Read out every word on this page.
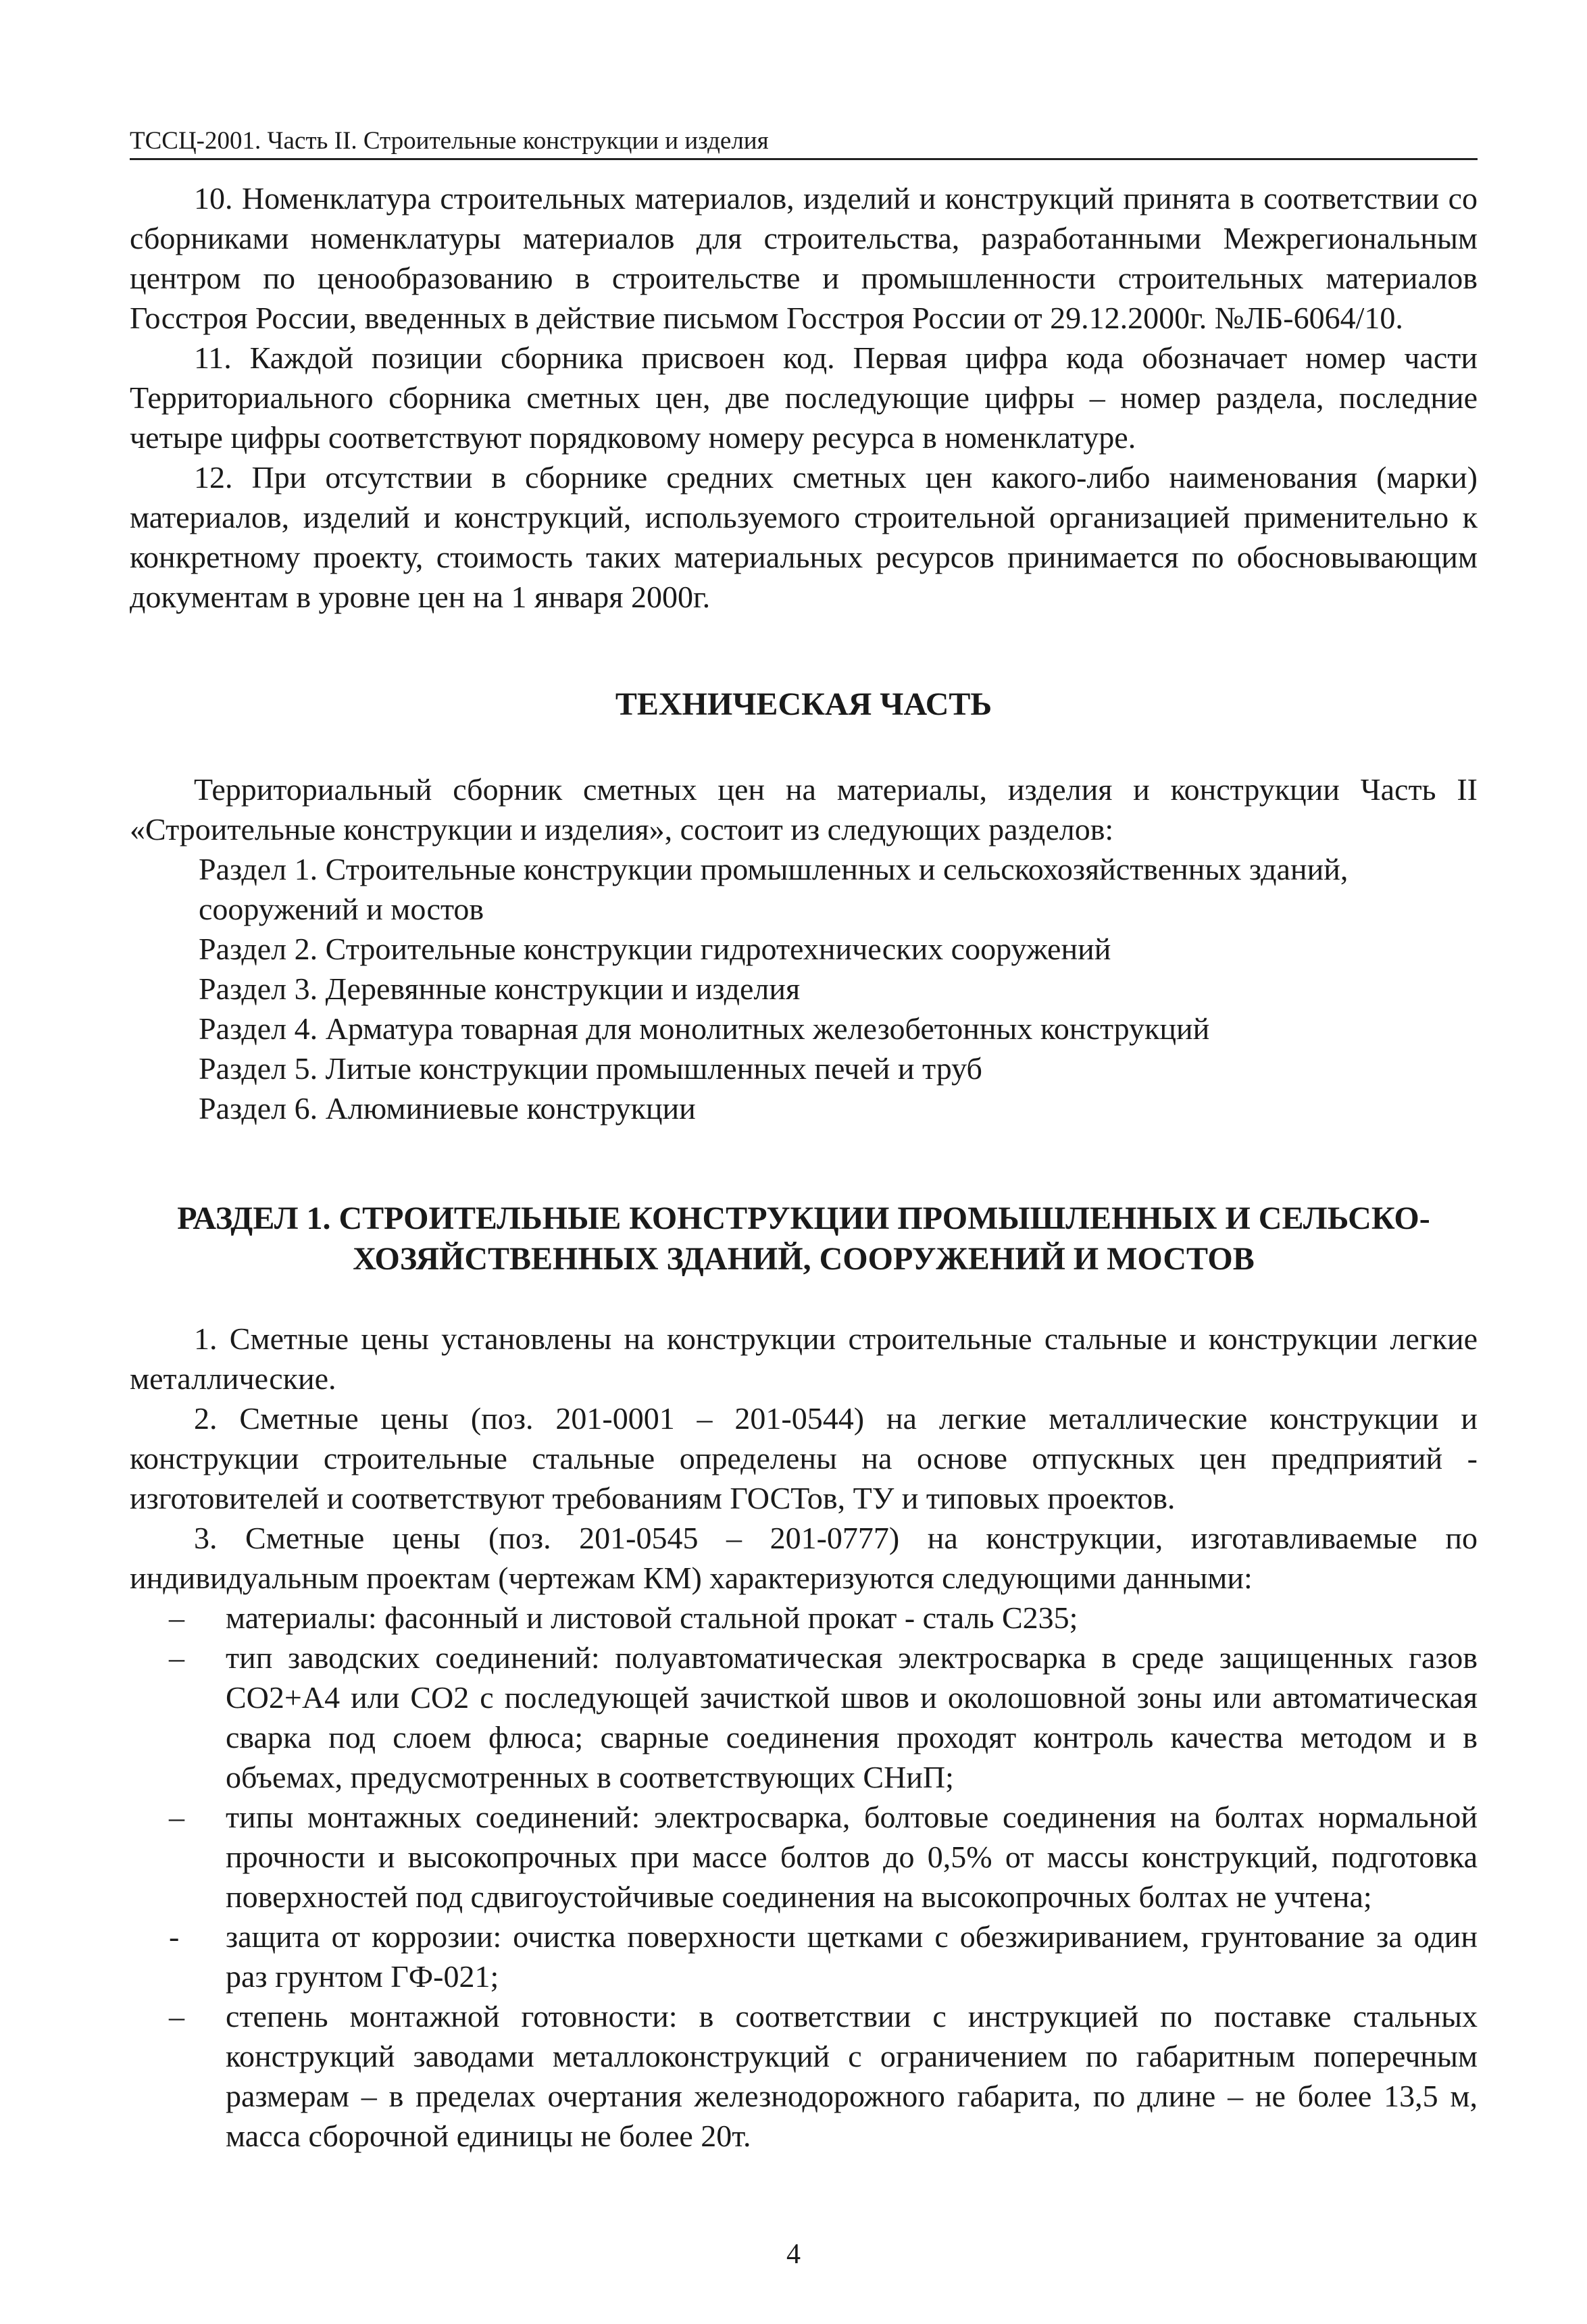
ТССЦ-2001. Часть II. Строительные конструкции и изделия

10. Номенклатура строительных материалов, изделий и конструкций принята в соответствии со сборниками номенклатуры материалов для строительства, разработанными Межрегиональным центром по ценообразованию в строительстве и промышленности строительных материалов Госстроя России, введенных в действие письмом Госстроя России от 29.12.2000г. №ЛБ-6064/10.

11. Каждой позиции сборника присвоен код. Первая цифра кода обозначает номер части Территориального сборника сметных цен, две последующие цифры – номер раздела, последние четыре цифры соответствуют порядковому номеру ресурса в номенклатуре.

12. При отсутствии в сборнике средних сметных цен какого-либо наименования (марки) материалов, изделий и конструкций, используемого строительной организацией применительно к конкретному проекту, стоимость таких материальных ресурсов принимается по обосновывающим документам в уровне цен на 1 января 2000г.

ТЕХНИЧЕСКАЯ ЧАСТЬ

Территориальный сборник сметных цен на материалы, изделия и конструкции Часть II «Строительные конструкции и изделия», состоит из следующих разделов:

Раздел 1. Строительные конструкции промышленных и сельскохозяйственных зданий, сооружений и мостов
Раздел 2. Строительные конструкции гидротехнических сооружений
Раздел 3. Деревянные конструкции и изделия
Раздел 4. Арматура товарная для монолитных железобетонных конструкций
Раздел 5. Литые конструкции промышленных печей и труб
Раздел 6. Алюминиевые конструкции
РАЗДЕЛ 1. СТРОИТЕЛЬНЫЕ КОНСТРУКЦИИ ПРОМЫШЛЕННЫХ И СЕЛЬСКО-
ХОЗЯЙСТВЕННЫХ ЗДАНИЙ, СООРУЖЕНИЙ И МОСТОВ

1. Сметные цены установлены на конструкции строительные стальные и конструкции легкие металлические.

2. Сметные цены (поз. 201-0001 – 201-0544) на легкие металлические конструкции и конструкции строительные стальные определены на основе отпускных цен предприятий - изготовителей и соответствуют требованиям ГОСТов, ТУ и типовых проектов.

3. Сметные цены (поз. 201-0545 – 201-0777) на конструкции, изготавливаемые по индивидуальным проектам (чертежам КМ) характеризуются следующими данными:

– материалы: фасонный и листовой стальной прокат - сталь С235;
– тип заводских соединений: полуавтоматическая электросварка в среде защищенных газов СО2+А4 или СО2 с последующей зачисткой швов и околошовной зоны или автоматическая сварка под слоем флюса; сварные соединения проходят контроль качества методом и в объемах, предусмотренных в соответствующих СНиП;
– типы монтажных соединений: электросварка, болтовые соединения на болтах нормальной прочности и высокопрочных при массе болтов до 0,5% от массы конструкций, подготовка поверхностей под сдвигоустойчивые соединения на высокопрочных болтах не учтена;
- защита от коррозии: очистка поверхности щетками с обезжириванием, грунтование за один раз грунтом ГФ-021;
– степень монтажной готовности: в соответствии с инструкцией по поставке стальных конструкций заводами металлоконструкций с ограничением по габаритным поперечным размерам – в пределах очертания железнодорожного габарита, по длине – не более 13,5 м, масса сборочной единицы не более 20т.
4
